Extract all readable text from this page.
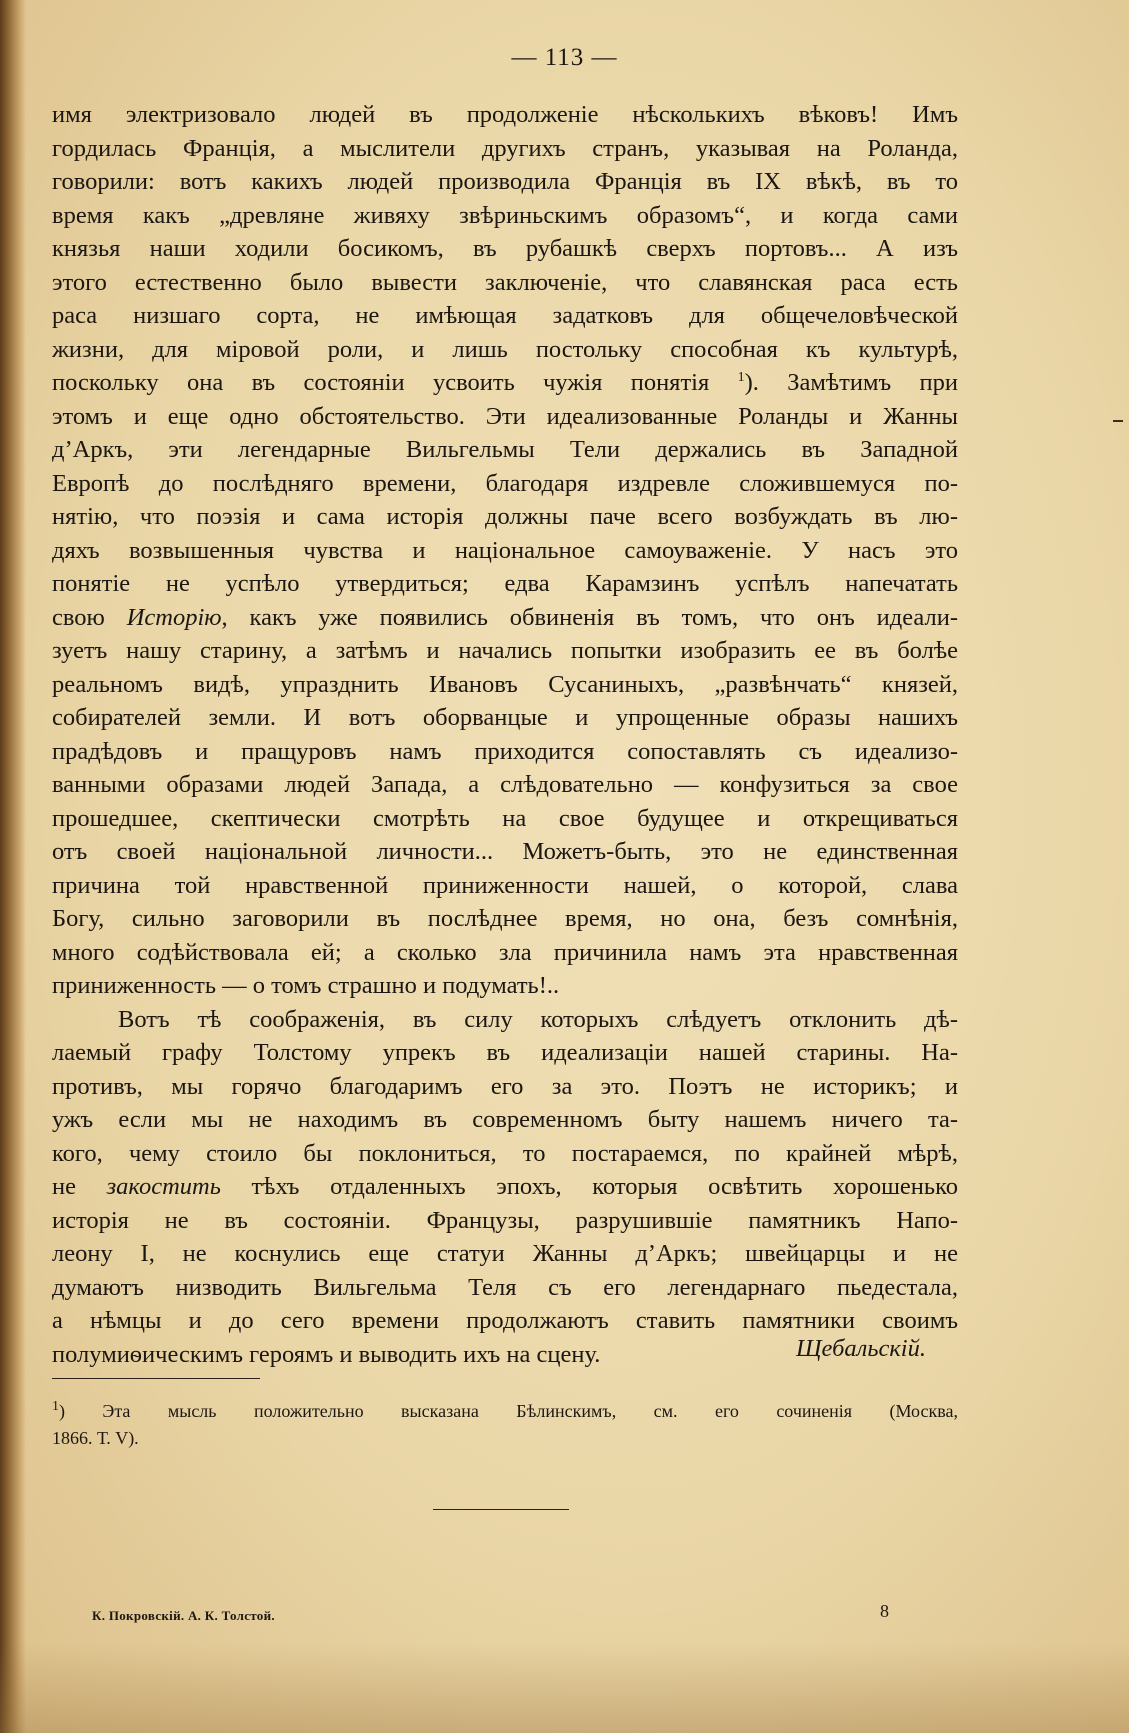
— 113 —
имя электризовало людей въ продолженіе нѣсколькихъ вѣковъ! Имъ
гордилась Францiя, а мыслители другихъ странъ, указывая на Роланда,
говорили: вотъ какихъ людей производила Францiя въ IX вѣкѣ, въ то
время какъ „древляне живяху звѣриньскимъ образомъ“, и когда сами
князья наши ходили босикомъ, въ рубашкѣ сверхъ портовъ... А изъ
этого естественно было вывести заключеніе, что славянская раса есть
раса низшаго сорта, не имѣющая задатковъ для общечеловѣческой
жизни, для мiровой роли, и лишь постольку способная къ культурѣ,
поскольку она въ состоянiи усвоить чужiя понятiя $^1$). Замѣтимъ при
этомъ и еще одно обстоятельство. Эти идеализованные Роланды и Жанны
д’Аркъ, эти легендарные Вильгельмы Тели держались въ Западной
Европѣ до послѣдняго времени, благодаря издревле сложившемуся по-
нятiю, что поэзiя и сама исторiя должны паче всего возбуждать въ лю-
дяхъ возвышенныя чувства и нацiональное самоуваженiе. У насъ это
понятiе не успѣло утвердиться; едва Карамзинъ успѣлъ напечатать
свою Исторiю, какъ уже появились обвиненiя въ томъ, что онъ идеали-
зуетъ нашу старину, а затѣмъ и начались попытки изобразить ее въ болѣе
реальномъ видѣ, упразднить Ивановъ Сусаниныхъ, „развѣнчать“ князей,
собирателей земли. И вотъ оборванцые и упрощенные образы нашихъ
прадѣдовъ и пращуровъ намъ приходится сопоставлять съ идеализо-
ванными образами людей Запада, а слѣдовательно — конфузиться за свое
прошедшее, скептически смотрѣть на свое будущее и открещиваться
отъ своей нацiональной личности... Можетъ-быть, это не единственная
причина той нравственной приниженности нашей, о которой, слава
Богу, сильно заговорили въ послѣднее время, но она, безъ сомнѣнiя,
много содѣйствовала ей; а сколько зла причинила намъ эта нравственная
приниженность — о томъ страшно и подумать!..
Вотъ тѣ соображенiя, въ силу которыхъ слѣдуетъ отклонить дѣ-
лаемый графу Толстому упрекъ въ идеализацiи нашей старины. На-
противъ, мы горячо благодаримъ его за это. Поэтъ не историкъ; и
ужъ если мы не находимъ въ современномъ быту нашемъ ничего та-
кого, чему стоило бы поклониться, то постараемся, по крайней мѣрѣ,
не закостить тѣхъ отдаленныхъ эпохъ, которыя освѣтить хорошенько
исторiя не въ состоянiи. Французы, разрушившiе памятникъ Напо-
леону I, не коснулись еще статуи Жанны д’Аркъ; швейцарцы и не
думаютъ низводить Вильгельма Теля съ его легендарнаго пьедестала,
а нѣмцы и до сего времени продолжаютъ ставить памятники своимъ
полумиѳическимъ героямъ и выводить ихъ на сцену.	Щебальскiй.
$^1$) Эта мысль положительно высказана Бѣлинскимъ, см. его сочиненiя (Москва,
1866. Т. V).
К. Покровскiй. А. К. Толстой.	8
